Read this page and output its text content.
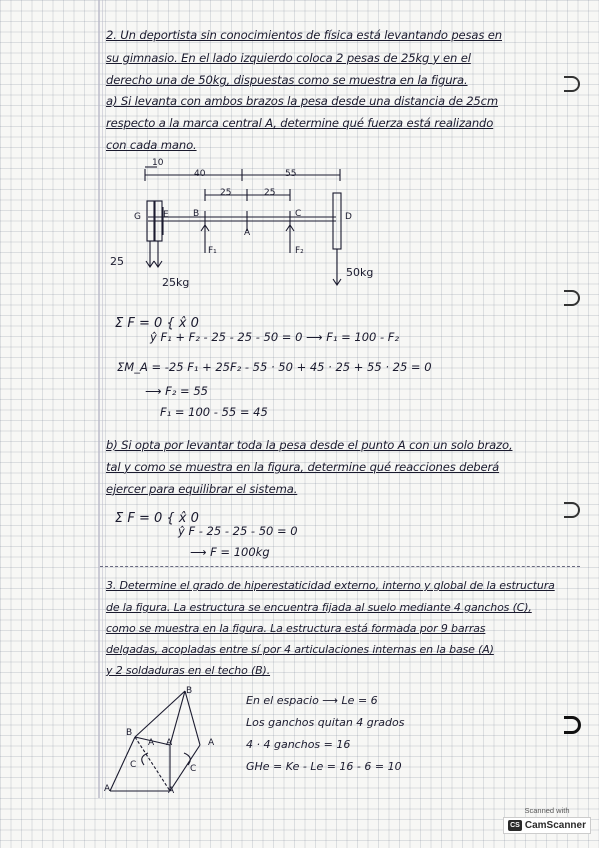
2. Un deportista sin conocimientos de física está levantando pesas en
su gimnasio. En el lado izquierdo coloca 2 pesas de 25kg y en el
derecho una de 50kg, dispuestas como se muestra en la figura.
a) Si levanta con ambos brazos la pesa desde una distancia de 25cm
respecto a la marca central A, determine qué fuerza está realizando
con cada mano.
10
40	55
25	25
G E	B
A
C	D
F₁	F₂
25
25kg
50kg
Σ F = 0 { x̂ 0
ŷ F₁ + F₂ - 25 - 25 - 50 = 0 ⟶ F₁ = 100 - F₂
ΣM_A = -25 F₁ + 25F₂ - 55 · 50 + 45 · 25 + 55 · 25 = 0
⟶ F₂ = 55
F₁ = 100 - 55 = 45
b) Si opta por levantar toda la pesa desde el punto A con un solo brazo,
tal y como se muestra en la figura, determine qué reacciones deberá
ejercer para equilibrar el sistema.
Σ F = 0 { x̂ 0
ŷ F - 25 - 25 - 50 = 0
⟶ F = 100kg
3. Determine el grado de hiperestaticidad externo, interno y global de la estructura
de la figura. La estructura se encuentra fijada al suelo mediante 4 ganchos (C),
como se muestra en la figura. La estructura está formada por 9 barras
delgadas, acopladas entre sí por 4 articulaciones internas en la base (A)
y 2 soldaduras en el techo (B).
B
B
A A	A
C	C
A	A
En el espacio ⟶ Le = 6
Los ganchos quitan 4 grados
4 · 4 ganchos = 16
GHe = Ke - Le = 16 - 6 = 10
Scanned with
CS CamScanner
